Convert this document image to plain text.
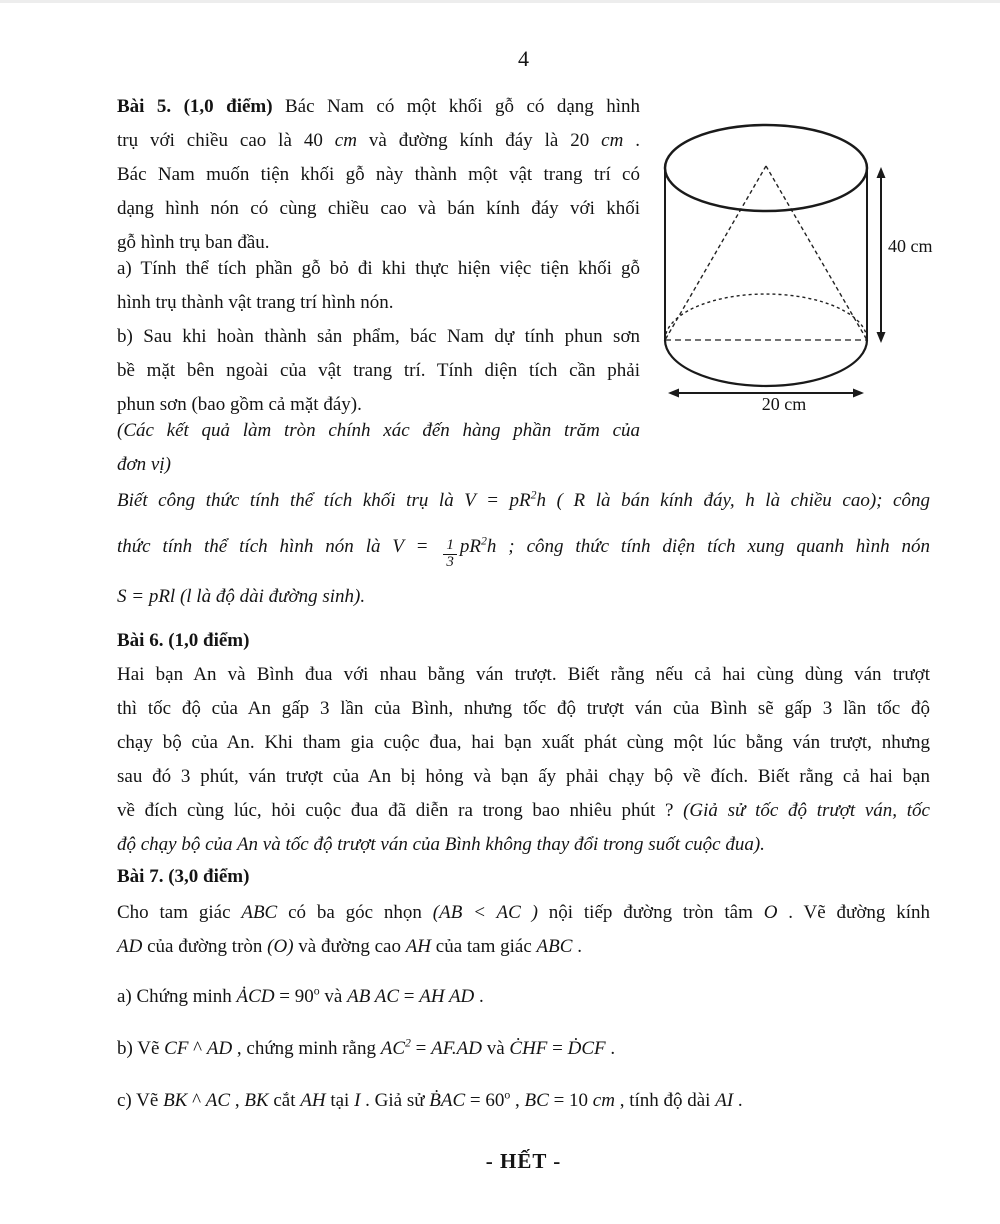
4
Bài 5. (1,0 điểm) Bác Nam có một khối gỗ có dạng hình
trụ với chiều cao là 40 cm và đường kính đáy là 20 cm .
Bác Nam muốn tiện khối gỗ này thành một vật trang trí có
dạng hình nón có cùng chiều cao và bán kính đáy với khối
gỗ hình trụ ban đầu.
a) Tính thể tích phần gỗ bỏ đi khi thực hiện việc tiện khối gỗ
hình trụ thành vật trang trí hình nón.
b) Sau khi hoàn thành sản phẩm, bác Nam dự tính phun sơn
bề mặt bên ngoài của vật trang trí. Tính diện tích cần phải
phun sơn (bao gồm cả mặt đáy).
(Các kết quả làm tròn chính xác đến hàng phần trăm của
đơn vị)
Biết công thức tính thể tích khối trụ là $V = pR^2h$ ( R là bán kính đáy, h là chiều cao); công
thức tính thể tích hình nón là $V = \frac{1}{3} pR^2h$ ; công thức tính diện tích xung quanh hình nón
S = pRl (l là độ dài đường sinh).
40 cm
20 cm
Bài 6. (1,0 điểm)
Hai bạn An và Bình đua với nhau bằng ván trượt. Biết rằng nếu cả hai cùng dùng ván trượt
thì tốc độ của An gấp 3 lần của Bình, nhưng tốc độ trượt ván của Bình sẽ gấp 3 lần tốc độ
chạy bộ của An. Khi tham gia cuộc đua, hai bạn xuất phát cùng một lúc bằng ván trượt, nhưng
sau đó 3 phút, ván trượt của An bị hỏng và bạn ấy phải chạy bộ về đích. Biết rằng cả hai bạn
về đích cùng lúc, hỏi cuộc đua đã diễn ra trong bao nhiêu phút ? (Giả sử tốc độ trượt ván, tốc
độ chạy bộ của An và tốc độ trượt ván của Bình không thay đổi trong suốt cuộc đua).
Bài 7. (3,0 điểm)
Cho tam giác ABC có ba góc nhọn (AB < AC ) nội tiếp đường tròn tâm O . Vẽ đường kính
AD của đường tròn (O) và đường cao AH của tam giác ABC .
a) Chứng minh ȦCD = $90^o$ và AB AC = AH AD .
b) Vẽ CF ^ AD , chứng minh rằng $AC^2 = AF.AD$ và ĊHF = ḊCF .
c) Vẽ BK ^ AC , BK cắt AH tại I . Giả sử ḂAC = $60^o$ , BC = 10 cm , tính độ dài AI .
- HẾT -
